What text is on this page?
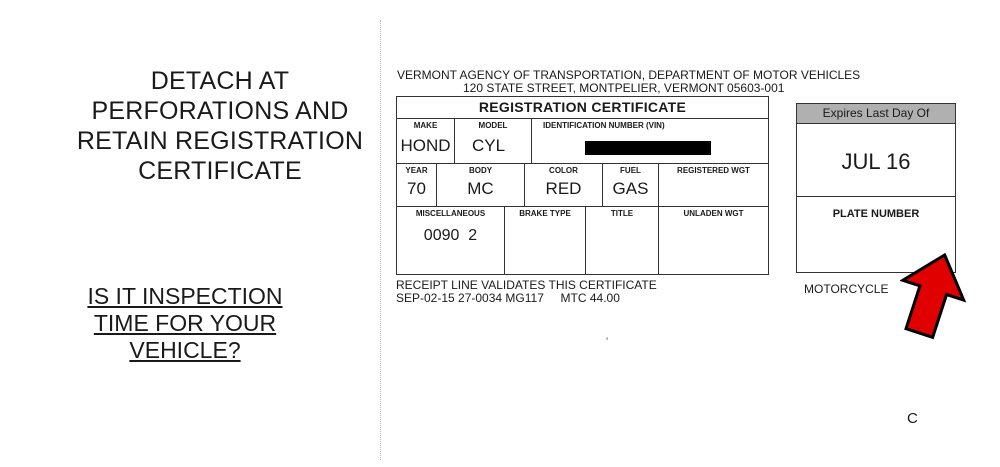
DETACH AT
PERFORATIONS AND
RETAIN REGISTRATION
CERTIFICATE
IS IT INSPECTION
TIME FOR YOUR
VEHICLE?
VERMONT AGENCY OF TRANSPORTATION, DEPARTMENT OF MOTOR VEHICLES
120 STATE STREET, MONTPELIER, VERMONT 05603-001
REGISTRATION CERTIFICATE
MAKE
HOND
MODEL
CYL
IDENTIFICATION NUMBER (VIN)
YEAR
70
BODY
MC
COLOR
RED
FUEL
GAS
REGISTERED WGT
MISCELLANEOUS
0090  2
BRAKE TYPE	TITLE	UNLADEN WGT
Expires Last Day Of
JUL 16
PLATE NUMBER
RECEIPT LINE VALIDATES THIS CERTIFICATE
SEP-02-15 27-0034 MG117     MTC 44.00
MOTORCYCLE
'
C
